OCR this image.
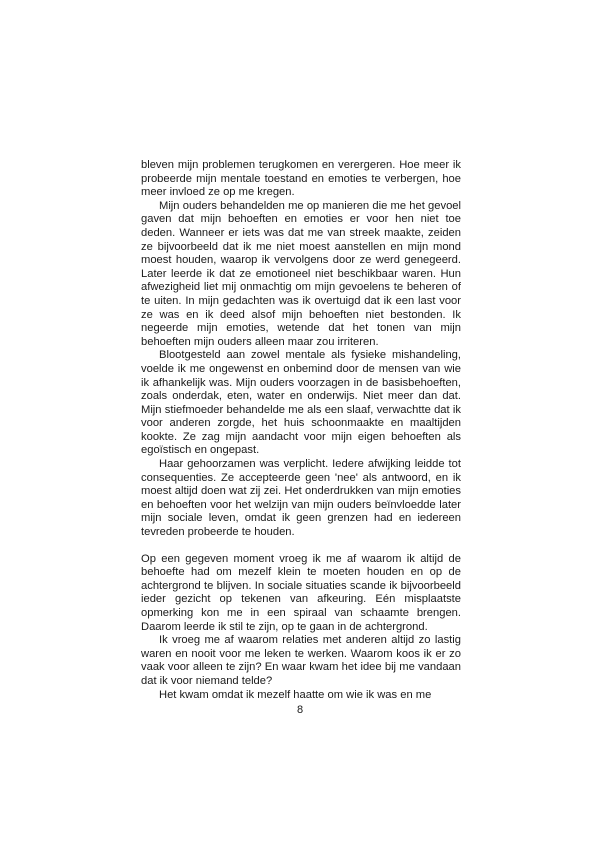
bleven mijn problemen terugkomen en verergeren. Hoe meer ik probeerde mijn mentale toestand en emoties te verbergen, hoe meer invloed ze op me kregen.

Mijn ouders behandelden me op manieren die me het gevoel gaven dat mijn behoeften en emoties er voor hen niet toe deden. Wanneer er iets was dat me van streek maakte, zeiden ze bijvoorbeeld dat ik me niet moest aanstellen en mijn mond moest houden, waarop ik vervolgens door ze werd genegeerd. Later leerde ik dat ze emotioneel niet beschikbaar waren. Hun afwezigheid liet mij onmachtig om mijn gevoelens te beheren of te uiten. In mijn gedachten was ik overtuigd dat ik een last voor ze was en ik deed alsof mijn behoeften niet bestonden. Ik negeerde mijn emoties, wetende dat het tonen van mijn behoeften mijn ouders alleen maar zou irriteren.

Blootgesteld aan zowel mentale als fysieke mishandeling, voelde ik me ongewenst en onbemind door de mensen van wie ik afhankelijk was. Mijn ouders voorzagen in de basisbehoeften, zoals onderdak, eten, water en onderwijs. Niet meer dan dat. Mijn stiefmoeder behandelde me als een slaaf, verwachtte dat ik voor anderen zorgde, het huis schoonmaakte en maaltijden kookte. Ze zag mijn aandacht voor mijn eigen behoeften als egoïstisch en ongepast.

Haar gehoorzamen was verplicht. Iedere afwijking leidde tot consequenties. Ze accepteerde geen 'nee' als antwoord, en ik moest altijd doen wat zij zei. Het onderdrukken van mijn emoties en behoeften voor het welzijn van mijn ouders beïnvloedde later mijn sociale leven, omdat ik geen grenzen had en iedereen tevreden probeerde te houden.

Op een gegeven moment vroeg ik me af waarom ik altijd de behoefte had om mezelf klein te moeten houden en op de achtergrond te blijven. In sociale situaties scande ik bijvoorbeeld ieder gezicht op tekenen van afkeuring. Eén misplaatste opmerking kon me in een spiraal van schaamte brengen. Daarom leerde ik stil te zijn, op te gaan in de achtergrond.

Ik vroeg me af waarom relaties met anderen altijd zo lastig waren en nooit voor me leken te werken. Waarom koos ik er zo vaak voor alleen te zijn? En waar kwam het idee bij me vandaan dat ik voor niemand telde?

Het kwam omdat ik mezelf haatte om wie ik was en me

8
